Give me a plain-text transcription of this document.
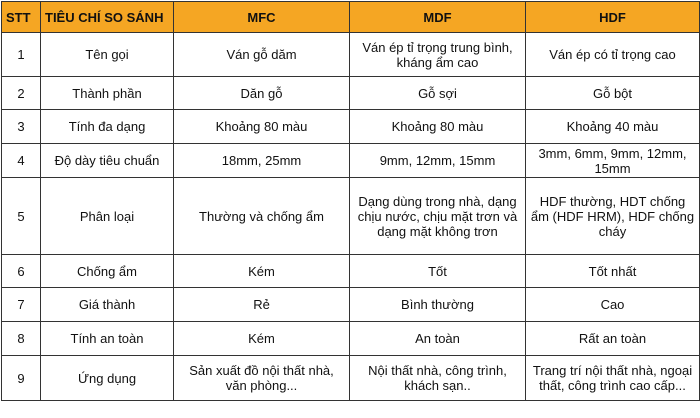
STT	TIÊU CHÍ SO SÁNH	MFC	MDF	HDF
1	Tên gọi	Ván gỗ dăm	Ván ép tỉ trọng trung bình, kháng ẩm cao	Ván ép có tỉ trọng cao
2	Thành phần	Dăn gỗ	Gỗ sợi	Gỗ bột
3	Tính đa dạng	Khoảng 80 màu	Khoảng 80 màu	Khoảng 40 màu
4	Độ dày tiêu chuẩn	18mm, 25mm	9mm, 12mm, 15mm	3mm, 6mm, 9mm, 12mm, 15mm
5	Phân loại	Thường và chống ẩm	Dạng dùng trong nhà, dạng chịu nước, chịu mặt trơn và dạng mặt không trơn	HDF thường, HDT chống ẩm (HDF HRM), HDF chống cháy
6	Chống ẩm	Kém	Tốt	Tốt nhất
7	Giá thành	Rẻ	Bình thường	Cao
8	Tính an toàn	Kém	An toàn	Rất an toàn
9	Ứng dụng	Sản xuất đồ nội thất nhà, văn phòng...	Nội thất nhà, công trình, khách sạn..	Trang trí nội thất nhà, ngoại thất, công trình cao cấp...
